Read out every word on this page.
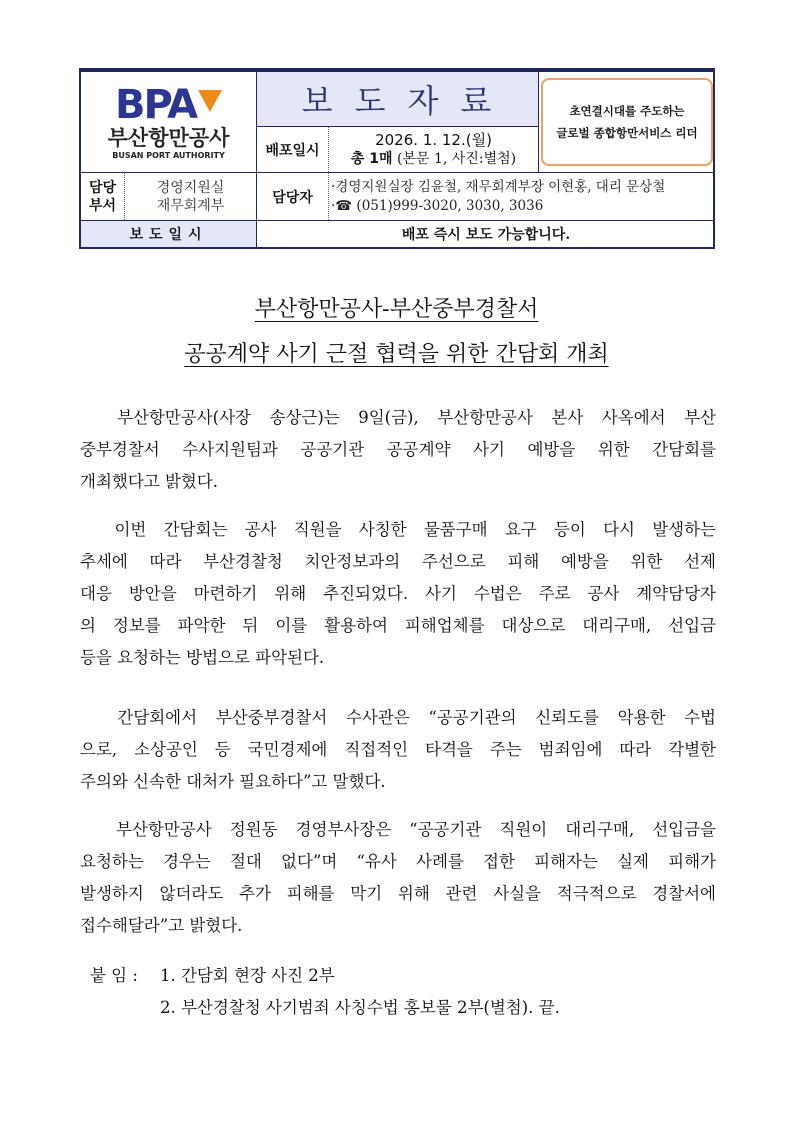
BPA
부산항만공사
BUSAN PORT AUTHORITY
보도자료
배포일시
2026. 1. 12.(월)
총 1매 (본문 1, 사진:별첨)
초연결시대를 주도하는
글로벌 종합항만서비스 리더
담당
부서
경영지원실
재무회계부	담당자
·경영지원실장 김윤철, 재무회계부장 이현홍, 대리 문상철
·☎ (051)999-3020, 3030, 3036
보도일시	배포 즉시 보도 가능합니다.
부산항만공사-부산중부경찰서
공공계약 사기 근절 협력을 위한 간담회 개최
부산항만공사(사장 송상근)는 9일(금), 부산항만공사 본사 사옥에서 부산
중부경찰서 수사지원팀과 공공기관 공공계약 사기 예방을 위한 간담회를
개최했다고 밝혔다.
이번 간담회는 공사 직원을 사칭한 물품구매 요구 등이 다시 발생하는
추세에 따라 부산경찰청 치안정보과의 주선으로 피해 예방을 위한 선제
대응 방안을 마련하기 위해 추진되었다. 사기 수법은 주로 공사 계약담당자
의 정보를 파악한 뒤 이를 활용하여 피해업체를 대상으로 대리구매, 선입금
등을 요청하는 방법으로 파악된다.
간담회에서 부산중부경찰서 수사관은 “공공기관의 신뢰도를 악용한 수법
으로, 소상공인 등 국민경제에 직접적인 타격을 주는 범죄임에 따라 각별한
주의와 신속한 대처가 필요하다”고 말했다.
부산항만공사 정원동 경영부사장은 “공공기관 직원이 대리구매, 선입금을
요청하는 경우는 절대 없다”며 “유사 사례를 접한 피해자는 실제 피해가
발생하지 않더라도 추가 피해를 막기 위해 관련 사실을 적극적으로 경찰서에
접수해달라”고 밝혔다.
붙 임 : 1. 간담회 현장 사진 2부
2. 부산경찰청 사기범죄 사칭수법 홍보물 2부(별첨). 끝.
